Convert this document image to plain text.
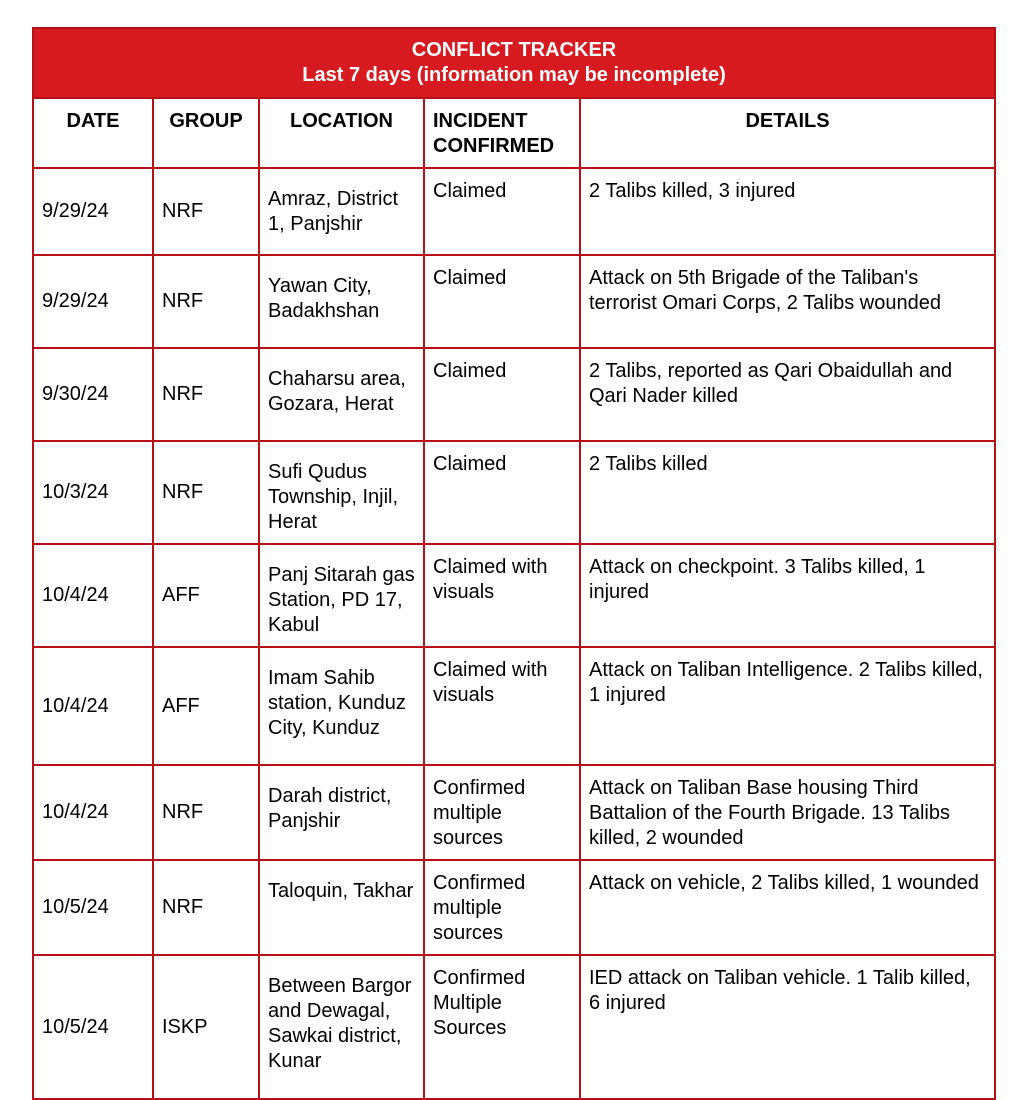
CONFLICT TRACKER
Last 7 days (information may be incomplete)				

DATE	GROUP	LOCATION	INCIDENT CONFIRMED	DETAILS
9/29/24	NRF	Amraz, District 1, Panjshir	Claimed	2 Talibs killed, 3 injured
9/29/24	NRF	Yawan City, Badakhshan	Claimed	Attack on 5th Brigade of the Taliban's terrorist Omari Corps, 2 Talibs wounded
9/30/24	NRF	Chaharsu area, Gozara, Herat	Claimed	2 Talibs, reported as Qari Obaidullah and Qari Nader killed
10/3/24	NRF	Sufi Qudus Township, Injil, Herat	Claimed	2 Talibs killed
10/4/24	AFF	Panj Sitarah gas Station, PD 17, Kabul	Claimed with visuals	Attack on checkpoint. 3 Talibs killed, 1 injured
10/4/24	AFF	Imam Sahib station, Kunduz City, Kunduz	Claimed with visuals	Attack on Taliban Intelligence. 2 Talibs killed, 1 injured
10/4/24	NRF	Darah district, Panjshir	Confirmed multiple sources	Attack on Taliban Base housing Third Battalion of the Fourth Brigade. 13 Talibs killed, 2 wounded
10/5/24	NRF	Taloquin, Takhar	Confirmed multiple sources	Attack on vehicle, 2 Talibs killed, 1 wounded
10/5/24	ISKP	Between Bargor and Dewagal, Sawkai district, Kunar	Confirmed Multiple Sources	IED attack on Taliban vehicle. 1 Talib killed, 6 injured
